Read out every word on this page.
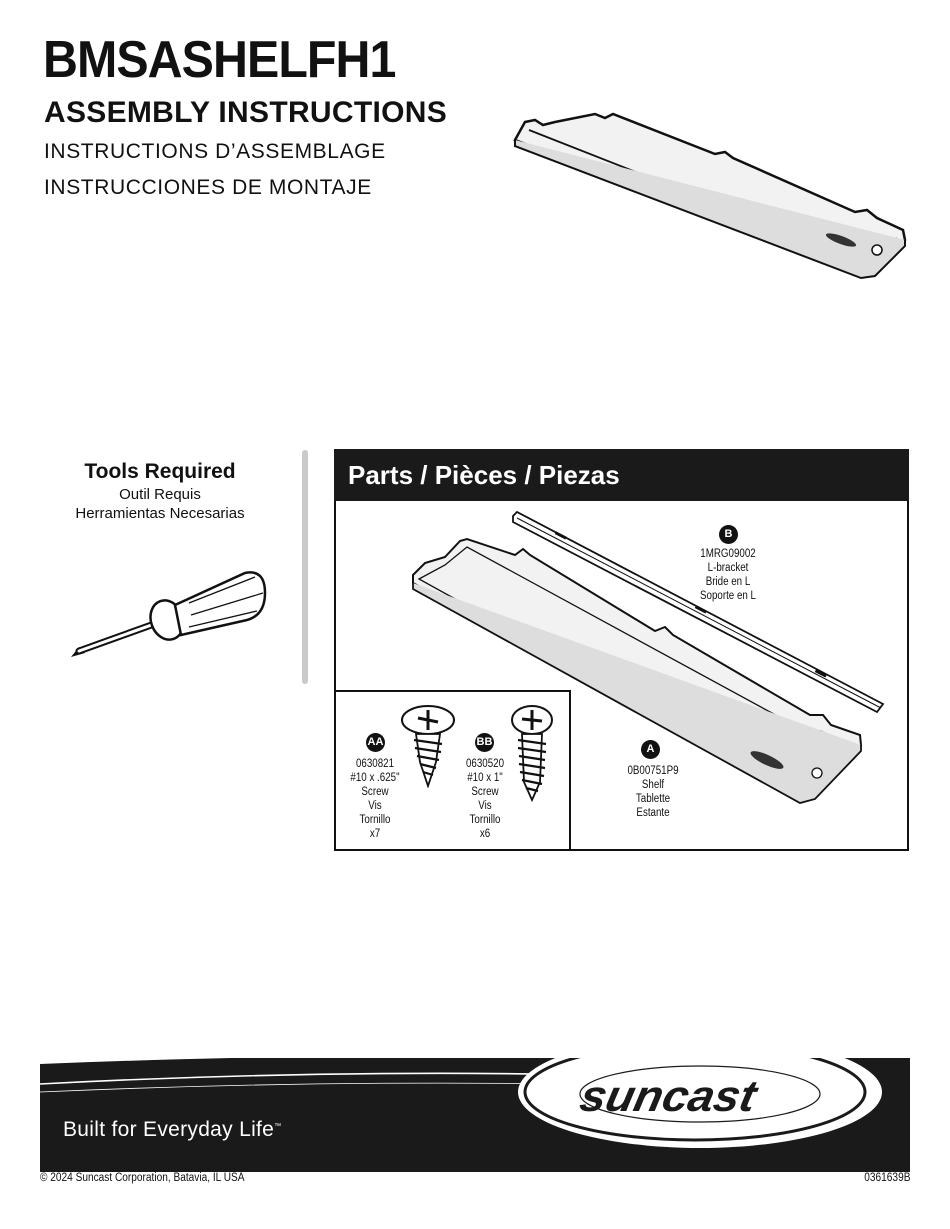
BMSASHELFH1
ASSEMBLY INSTRUCTIONS
INSTRUCTIONS D’ASSEMBLAGE
INSTRUCCIONES DE MONTAJE
Tools Required
Outil Requis
Herramientas Necesarias
Parts / Pièces / Piezas
B
1MRG09002
L-bracket
Bride en L
Soporte en L
A
0B00751P9
Shelf
Tablette
Estante
AA
0630821
#10 x .625"
Screw
Vis
Tornillo
x7
BB
0630520
#10 x 1"
Screw
Vis
Tornillo
x6
suncast
Built for Everyday Life™
© 2024 Suncast Corporation, Batavia, IL USA	0361639B
